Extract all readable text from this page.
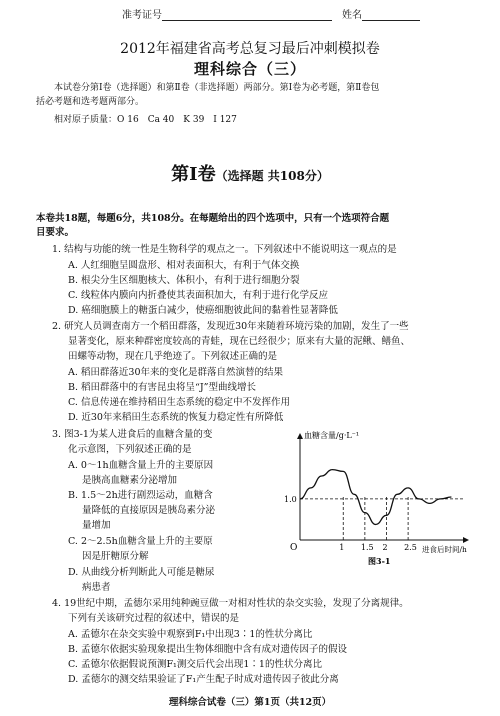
准考证号	姓名
2012年福建省高考总复习最后冲刺模拟卷
理科综合（三）
本试卷分第Ⅰ卷（选择题）和第Ⅱ卷（非选择题）两部分。第Ⅰ卷为必考题，第Ⅱ卷包
括必考题和选考题两部分。
相对原子质量：O 16　Ca 40　K 39　I 127
第Ⅰ卷（选择题 共108分）
本卷共18题，每题6分，共108分。在每题给出的四个选项中，只有一个选项符合题
目要求。
1. 结构与功能的统一性是生物科学的观点之一。下列叙述中不能说明这一观点的是
A. 人红细胞呈圆盘形、相对表面积大，有利于气体交换
B. 根尖分生区细胞核大、体积小，有利于进行细胞分裂
C. 线粒体内膜向内折叠使其表面积加大，有利于进行化学反应
D. 癌细胞膜上的糖蛋白减少，使癌细胞彼此间的黏着性显著降低
2. 研究人员调查南方一个稻田群落，发现近30年来随着环境污染的加剧，发生了一些
显著变化，原来种群密度较高的青蛙，现在已经很少；原来有大量的泥鳅、鳝鱼、
田螺等动物，现在几乎绝迹了。下列叙述正确的是
A. 稻田群落近30年来的变化是群落自然演替的结果
B. 稻田群落中的有害昆虫将呈“J”型曲线增长
C. 信息传递在维持稻田生态系统的稳定中不发挥作用
D. 近30年来稻田生态系统的恢复力稳定性有所降低
3. 图3-1为某人进食后的血糖含量的变
化示意图，下列叙述正确的是
A. 0～1h血糖含量上升的主要原因
是胰高血糖素分泌增加
B. 1.5～2h进行剧烈运动，血糖含
量降低的直接原因是胰岛素分泌
量增加
C. 2～2.5h血糖含量上升的主要原
因是肝糖原分解
D. 从曲线分析判断此人可能是糖尿
病患者
血糖含量/g·L⁻¹
进食后时间/h
O
图3-1
1.0
1 1.5 2 2.5
4. 19世纪中期，孟德尔采用纯种豌豆做一对相对性状的杂交实验，发现了分离规律。
下列有关该研究过程的叙述中，错误的是
A. 孟德尔在杂交实验中观察到F₁中出现3∶1的性状分离比
B. 孟德尔依据实验现象提出生物体细胞中含有成对遗传因子的假设
C. 孟德尔依据假说预测F₁测交后代会出现1∶1的性状分离比
D. 孟德尔的测交结果验证了F₁产生配子时成对遗传因子彼此分离
理科综合试卷（三）第1页（共12页）
